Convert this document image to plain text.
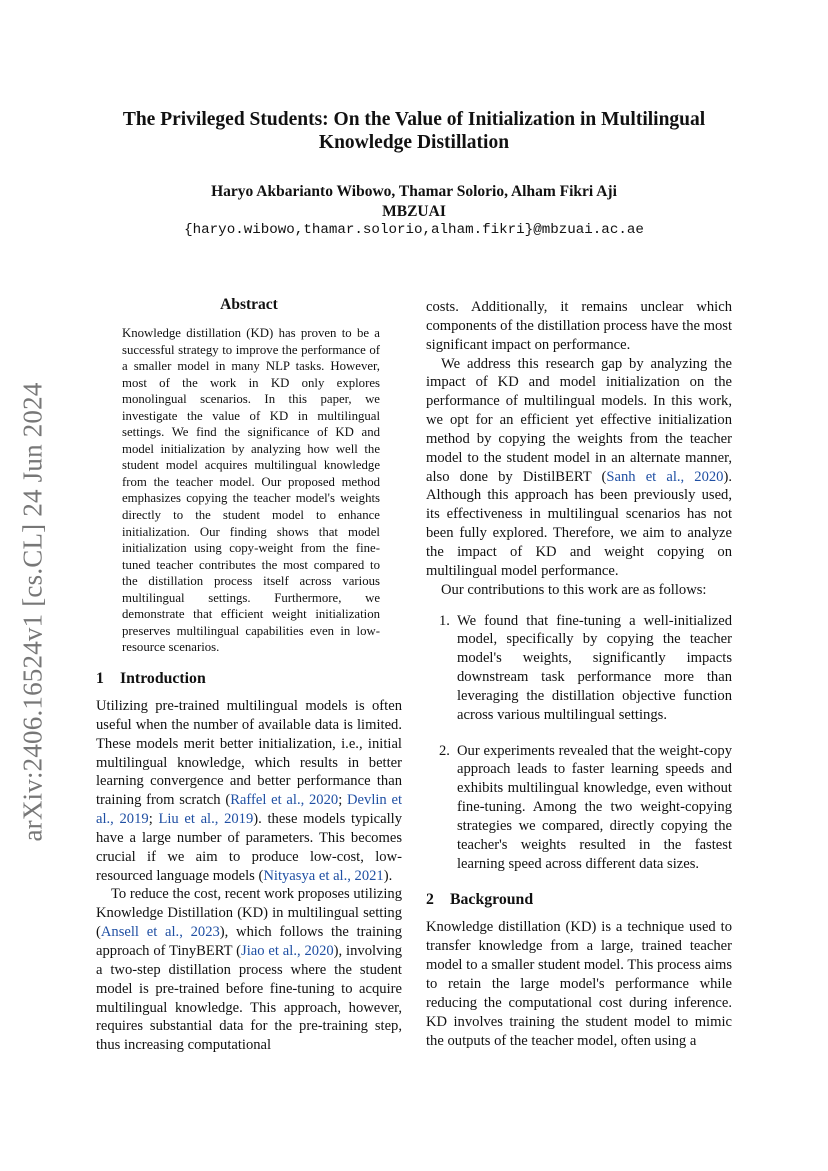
arXiv:2406.16524v1 [cs.CL] 24 Jun 2024
The Privileged Students: On the Value of Initialization in Multilingual Knowledge Distillation
Haryo Akbarianto Wibowo, Thamar Solorio, Alham Fikri Aji
MBZUAI
{haryo.wibowo,thamar.solorio,alham.fikri}@mbzuai.ac.ae
Abstract
Knowledge distillation (KD) has proven to be a successful strategy to improve the performance of a smaller model in many NLP tasks. However, most of the work in KD only explores monolingual scenarios. In this paper, we investigate the value of KD in multilingual settings. We find the significance of KD and model initialization by analyzing how well the student model acquires multilingual knowledge from the teacher model. Our proposed method emphasizes copying the teacher model's weights directly to the student model to enhance initialization. Our finding shows that model initialization using copy-weight from the fine-tuned teacher contributes the most compared to the distillation process itself across various multilingual settings. Furthermore, we demonstrate that efficient weight initialization preserves multilingual capabilities even in low-resource scenarios.
1 Introduction

Utilizing pre-trained multilingual models is often useful when the number of available data is limited. These models merit better initialization, i.e., initial multilingual knowledge, which results in better learning convergence and better performance than training from scratch (Raffel et al., 2020; Devlin et al., 2019; Liu et al., 2019). these models typically have a large number of parameters. This becomes crucial if we aim to produce low-cost, low-resourced language models (Nityasya et al., 2021).

To reduce the cost, recent work proposes utilizing Knowledge Distillation (KD) in multilingual setting (Ansell et al., 2023), which follows the training approach of TinyBERT (Jiao et al., 2020), involving a two-step distillation process where the student model is pre-trained before fine-tuning to acquire multilingual knowledge. This approach, however, requires substantial data for the pre-training step, thus increasing computational

costs. Additionally, it remains unclear which components of the distillation process have the most significant impact on performance.

We address this research gap by analyzing the impact of KD and model initialization on the performance of multilingual models. In this work, we opt for an efficient yet effective initialization method by copying the weights from the teacher model to the student model in an alternate manner, also done by DistilBERT (Sanh et al., 2020). Although this approach has been previously used, its effectiveness in multilingual scenarios has not been fully explored. Therefore, we aim to analyze the impact of KD and weight copying on multilingual model performance.

Our contributions to this work are as follows:

1. We found that fine-tuning a well-initialized model, specifically by copying the teacher model's weights, significantly impacts downstream task performance more than leveraging the distillation objective function across various multilingual settings.
2. Our experiments revealed that the weight-copy approach leads to faster learning speeds and exhibits multilingual knowledge, even without fine-tuning. Among the two weight-copying strategies we compared, directly copying the teacher's weights resulted in the fastest learning speed across different data sizes.
2 Background
Knowledge distillation (KD) is a technique used to transfer knowledge from a large, trained teacher model to a smaller student model. This process aims to retain the large model's performance while reducing the computational cost during inference. KD involves training the student model to mimic the outputs of the teacher model, often using a
